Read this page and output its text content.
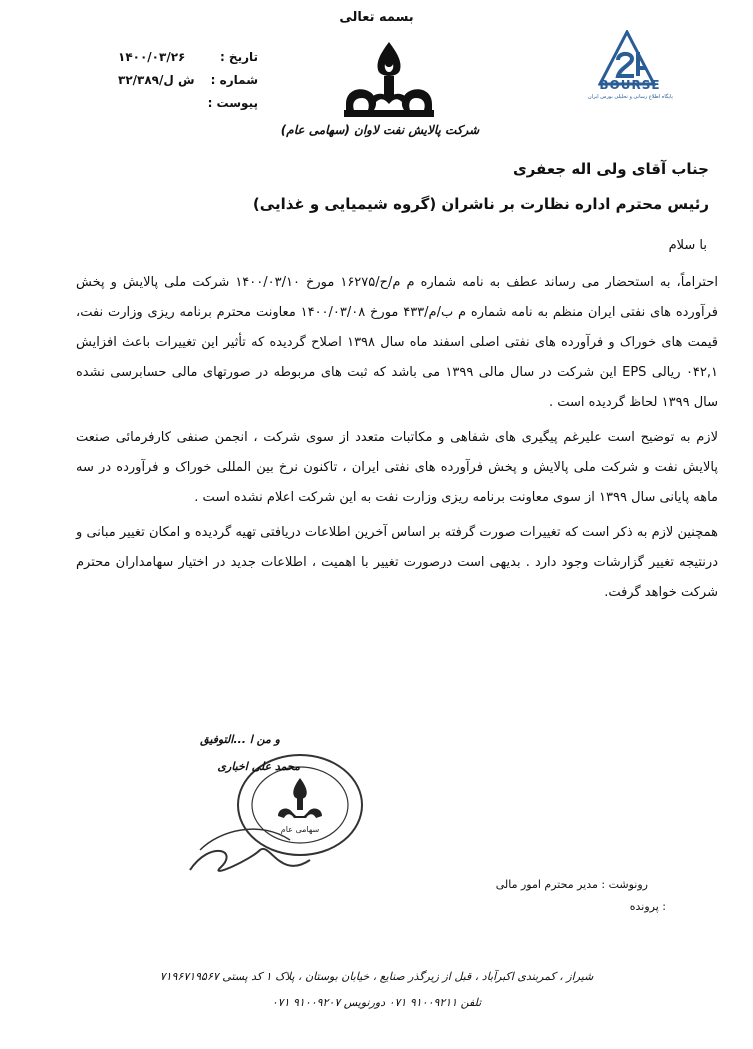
بسمه تعالی
تاریخ :
۱۴۰۰/۰۳/۲۶
شماره :
ش ل/۳۲/۳۸۹
پیوست :
شرکت پالایش نفت لاوان (سهامی عام)
BOURSE
پایگاه اطلاع رسانی و تحلیلی بورس ایران
جناب آقای ولی اله جعفری
رئیس محترم اداره نظارت بر ناشران (گروه شیمیایی و غذایی)
با سلام

احتراماً، به استحضار می رساند عطف به نامه شماره م م/ح/۱۶۲۷۵ مورخ ۱۴۰۰/۰۳/۱۰ شرکت ملی پالایش و پخش فرآورده های نفتی ایران منظم به نامه شماره م ب/م/۴۳۳ مورخ ۱۴۰۰/۰۳/۰۸ معاونت محترم برنامه ریزی وزارت نفت، قیمت های خوراک و فرآورده های نفتی اصلی اسفند ماه سال ۱۳۹۸ اصلاح گردیده که تأثیر این تغییرات باعث افزایش ۰۴۲,۱ ریالی EPS این شرکت در سال مالی ۱۳۹۹ می باشد که ثبت های مربوطه در صورتهای مالی حسابرسی نشده سال ۱۳۹۹ لحاظ گردیده است .

لازم به توضیح است علیرغم پیگیری های شفاهی و مکاتبات متعدد از سوی شرکت ، انجمن صنفی کارفرمائی صنعت پالایش نفت و شرکت ملی پالایش و پخش فرآورده های نفتی ایران ، تاکنون نرخ بین المللی خوراک و فرآورده در سه ماهه پایانی سال ۱۳۹۹ از سوی معاونت برنامه ریزی وزارت نفت به این شرکت اعلام نشده است .

همچنین لازم به ذکر است که تغییرات صورت گرفته بر اساس آخرین اطلاعات دریافتی تهیه گردیده و امکان تغییر مبانی و درنتیجه تغییر گزارشات وجود دارد . بدیهی است درصورت تغییر با اهمیت ، اطلاعات جدید در اختیار سهامداران محترم شرکت خواهد گرفت.

سهامی عام
و من ا ...التوفیق
محمد علی اخباری
رونوشت : مدیر محترم امور مالی
: پرونده
شیراز ، کمربندی اکبرآباد ، قبل از زیرگذر صنایع ، خیابان بوستان ، پلاک ۱ کد پستی ۷۱۹۶۷۱۹۵۶۷
تلفن ۹۱۰۰۹۲۱۱ ۰۷۱ دورنویس ۹۱۰۰۹۲۰۷ ۰۷۱
